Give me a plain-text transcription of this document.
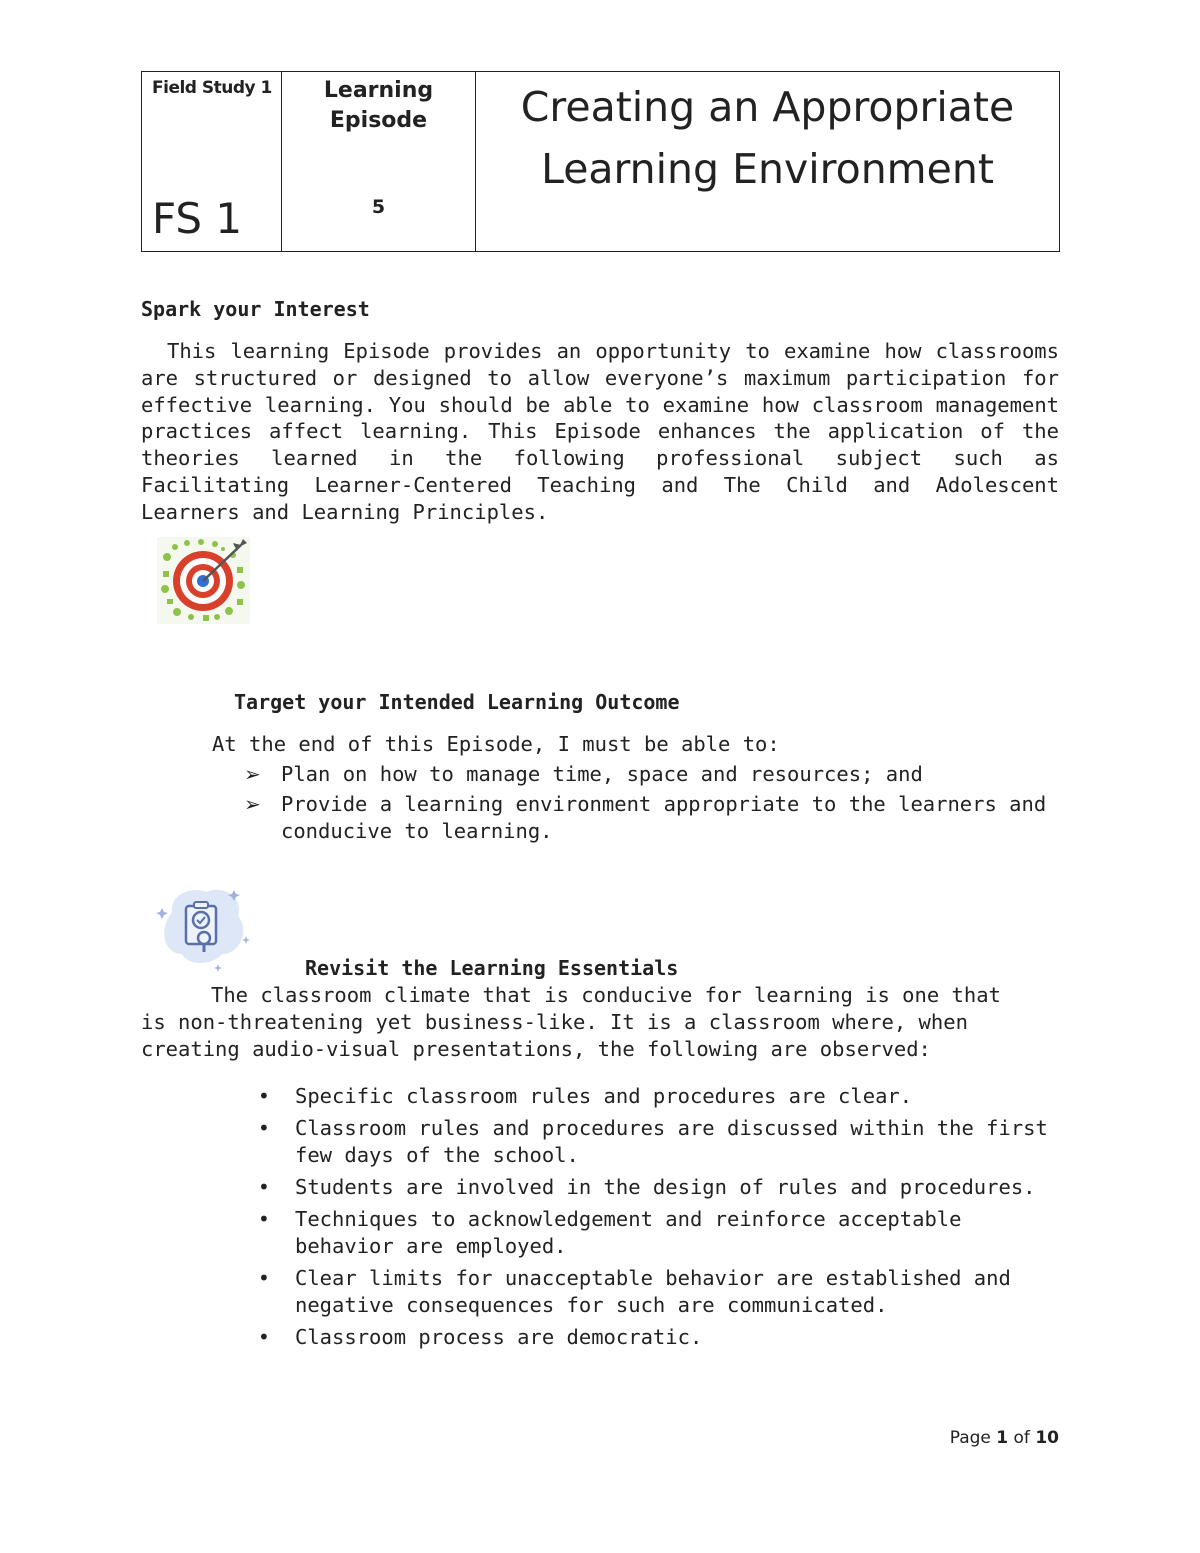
Field Study 1
FS 1

Learning
Episode
5

Creating an Appropriate
Learning Environment
Spark your Interest
This learning Episode provides an opportunity to examine how classrooms are structured or designed to allow everyone’s maximum participation for effective learning. You should be able to examine how classroom management practices affect learning. This Episode enhances the application of the theories learned in the following professional subject such as Facilitating Learner-Centered Teaching and The Child and Adolescent Learners and Learning Principles.
Target your Intended Learning Outcome
At the end of this Episode, I must be able to:
➢ Plan on how to manage time, space and resources; and
➢ Provide a learning environment appropriate to the learners and conducive to learning.
Revisit the Learning Essentials

The classroom climate that is conducive for learning is one that

is non-threatening yet business-like. It is a classroom where, when creating audio-visual presentations, the following are observed:

• Specific classroom rules and procedures are clear.
• Classroom rules and procedures are discussed within the first few days of the school.
• Students are involved in the design of rules and procedures.
• Techniques to acknowledgement and reinforce acceptable behavior are employed.
• Clear limits for unacceptable behavior are established and negative consequences for such are communicated.
• Classroom process are democratic.
Page 1 of 10
